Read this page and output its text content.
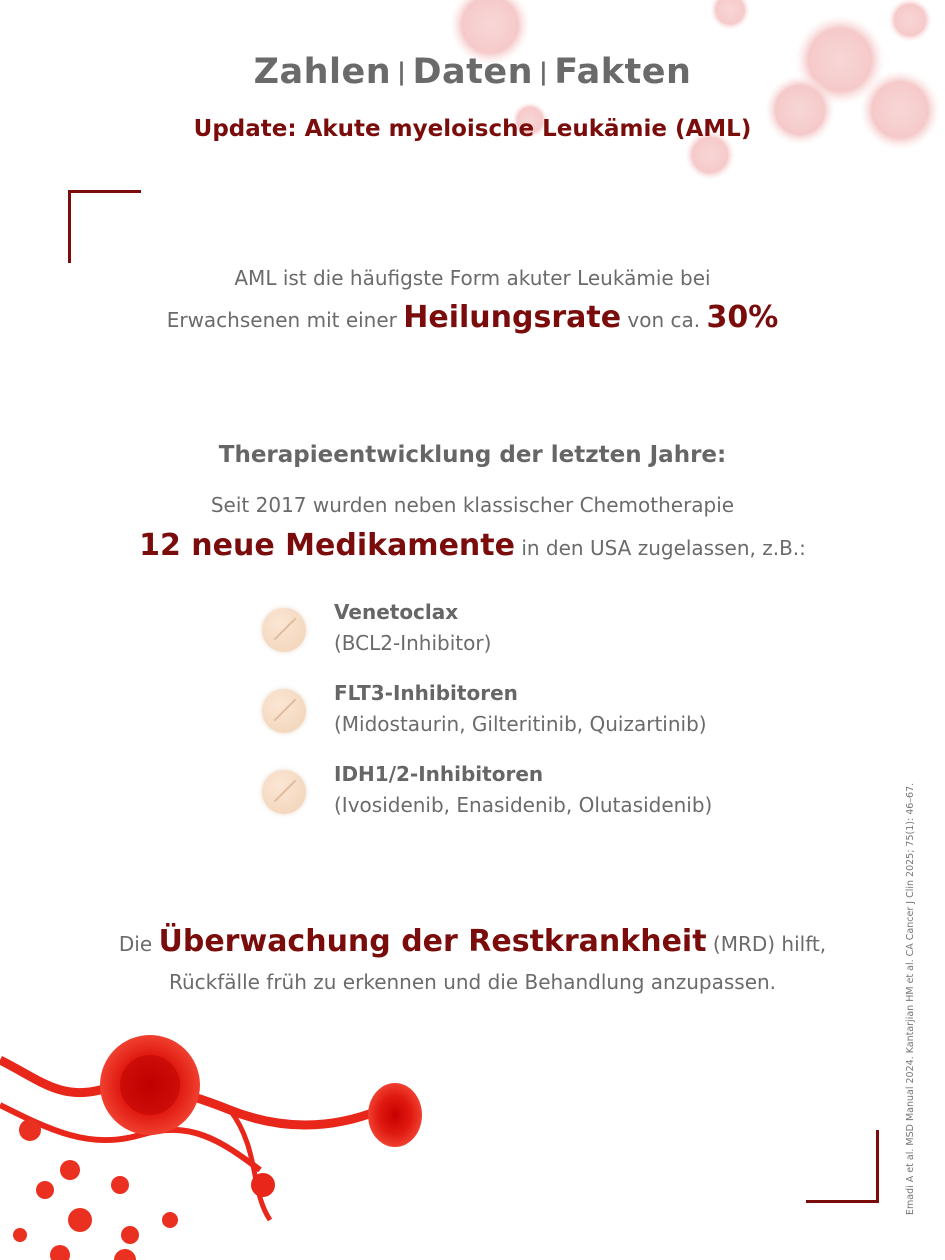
Zahlen | Daten | Fakten
Update: Akute myeloische Leukämie (AML)
AML ist die häufigste Form akuter Leukämie bei
Erwachsenen mit einer Heilungsrate von ca. 30%
Therapieentwicklung der letzten Jahre:
Seit 2017 wurden neben klassischer Chemotherapie
12 neue Medikamente in den USA zugelassen, z.B.:
Venetoclax
(BCL2-Inhibitor)
FLT3-Inhibitoren
(Midostaurin, Gilteritinib, Quizartinib)
IDH1/2-Inhibitoren
(Ivosidenib, Enasidenib, Olutasidenib)
Die Überwachung der Restkrankheit (MRD) hilft,
Rückfälle früh zu erkennen und die Behandlung anzupassen.	Emadi A et al. MSD Manual 2024. Kantarjian HM et al. CA Cancer J Clin 2025; 75(1): 46–67.
